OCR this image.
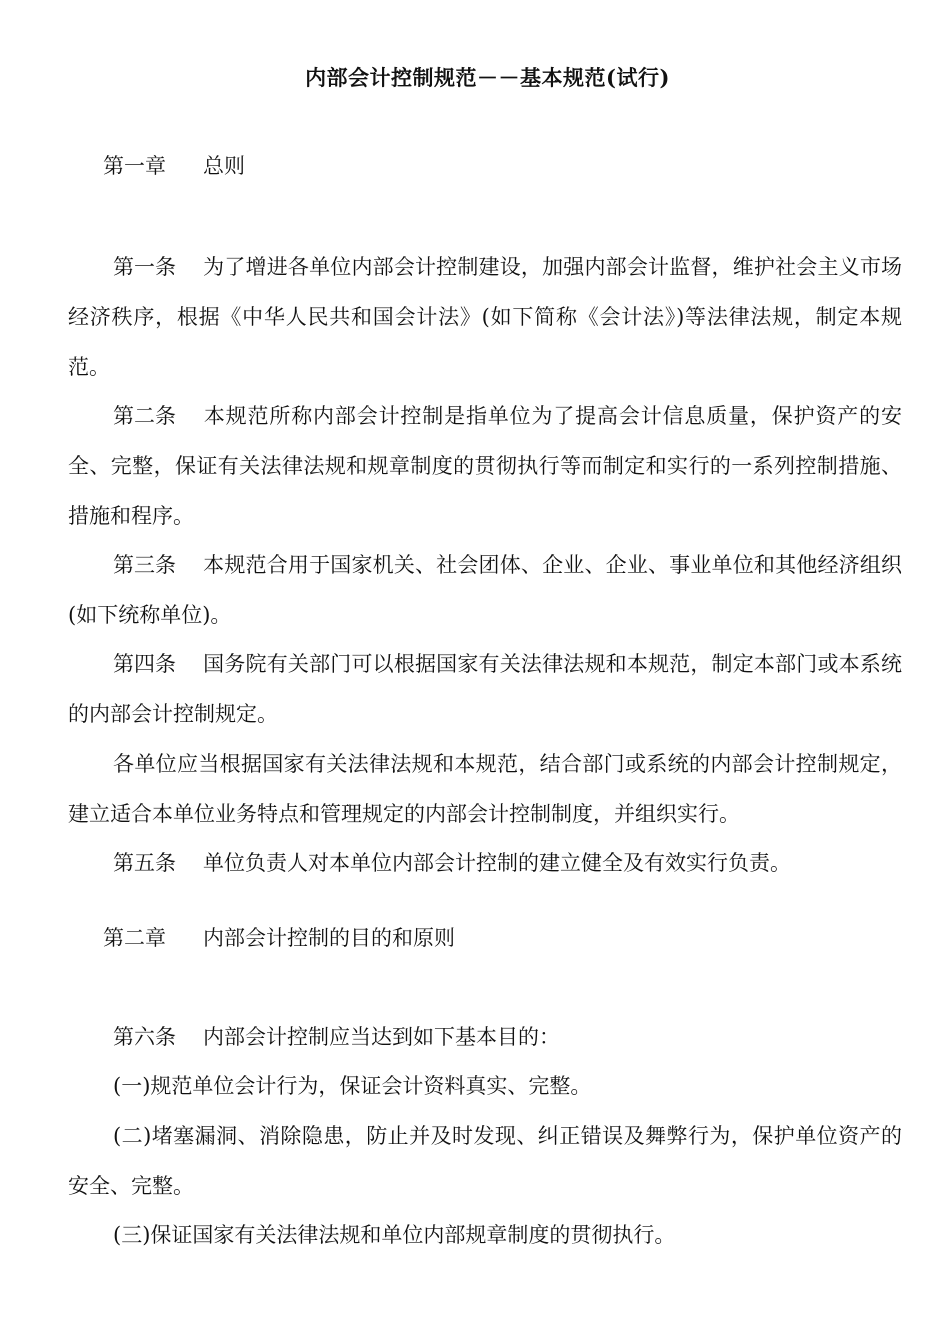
内部会计控制规范－－基本规范(试行)
第一章 总则

第一条 为了增进各单位内部会计控制建设，加强内部会计监督，维护社会主义市场经济秩序，根据《中华人民共和国会计法》(如下简称《会计法》)等法律法规，制定本规范。

第二条 本规范所称内部会计控制是指单位为了提高会计信息质量，保护资产的安全、完整，保证有关法律法规和规章制度的贯彻执行等而制定和实行的一系列控制措施、措施和程序。

第三条 本规范合用于国家机关、社会团体、企业、企业、事业单位和其他经济组织(如下统称单位)。

第四条 国务院有关部门可以根据国家有关法律法规和本规范，制定本部门或本系统的内部会计控制规定。

各单位应当根据国家有关法律法规和本规范，结合部门或系统的内部会计控制规定，建立适合本单位业务特点和管理规定的内部会计控制制度，并组织实行。

第五条 单位负责人对本单位内部会计控制的建立健全及有效实行负责。

第二章 内部会计控制的目的和原则

第六条 内部会计控制应当达到如下基本目的：

(一)规范单位会计行为，保证会计资料真实、完整。

(二)堵塞漏洞、消除隐患，防止并及时发现、纠正错误及舞弊行为，保护单位资产的安全、完整。

(三)保证国家有关法律法规和单位内部规章制度的贯彻执行。
